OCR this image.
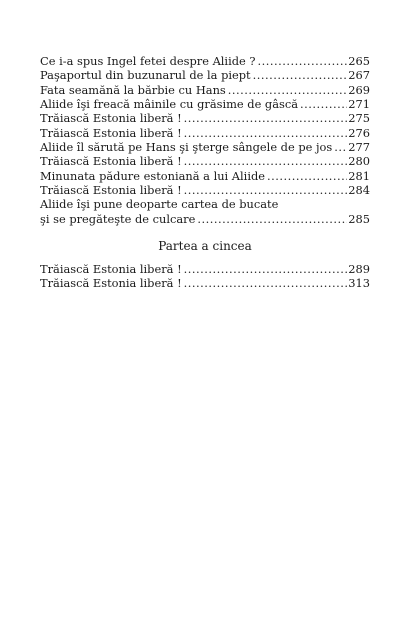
Ce i-a spus Ingel fetei despre Aliide ? .....	265
Paşaportul din buzunarul de la piept .....	267
Fata seamănă la bărbie cu Hans .....	269
Aliide îşi freacă mâinile cu grăsime de gâscă .....	271
Trăiască Estonia liberă ! .....	275
Trăiască Estonia liberă ! .....	276
Aliide îl sărută pe Hans şi şterge sângele de pe jos ..... 277
Trăiască Estonia liberă ! .....	280
Minunata pădure estoniană a lui Aliide .....	281
Trăiască Estonia liberă ! .....	284
Aliide îşi pune deoparte cartea de bucate
şi se pregăteşte de culcare .....	285
Partea a cincea
Trăiască Estonia liberă ! .....	289
Trăiască Estonia liberă ! .....	313
